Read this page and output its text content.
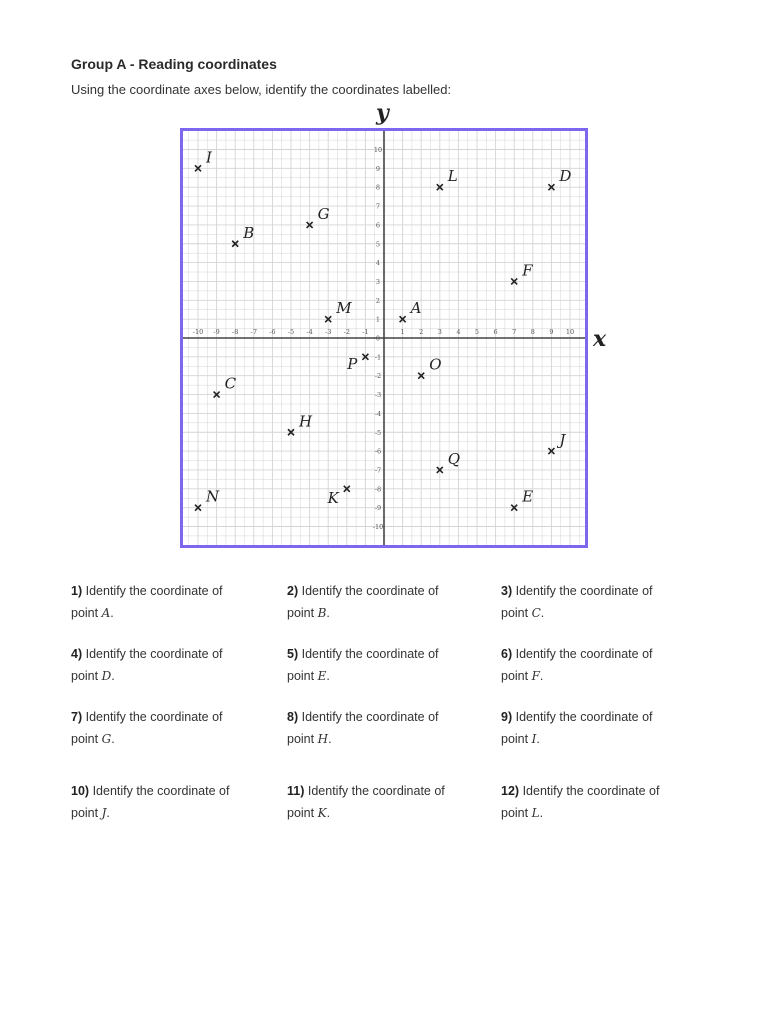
Group A - Reading coordinates
Using the coordinate axes below, identify the coordinates labelled:
y
x
-10 -9 -8 -7 -6 -5 -4 -3 -2 -1	1 2 3 4 5 6 7 8 9 10
-10
-9
-8
-7
-6
-5
-4
-3
-2
-1
0
1
2
3
4
5
6
7
8
9
10
A
B
C
D
E
F
G
H
I
J
K
L
M
N
O
P
Q
1) Identify the coordinate of
point A.
2) Identify the coordinate of
point B.
3) Identify the coordinate of
point C.
4) Identify the coordinate of
point D.
5) Identify the coordinate of
point E.
6) Identify the coordinate of
point F.
7) Identify the coordinate of
point G.
8) Identify the coordinate of
point H.
9) Identify the coordinate of
point I.
10) Identify the coordinate of
point J.
11) Identify the coordinate of
point K.
12) Identify the coordinate of
point L.
